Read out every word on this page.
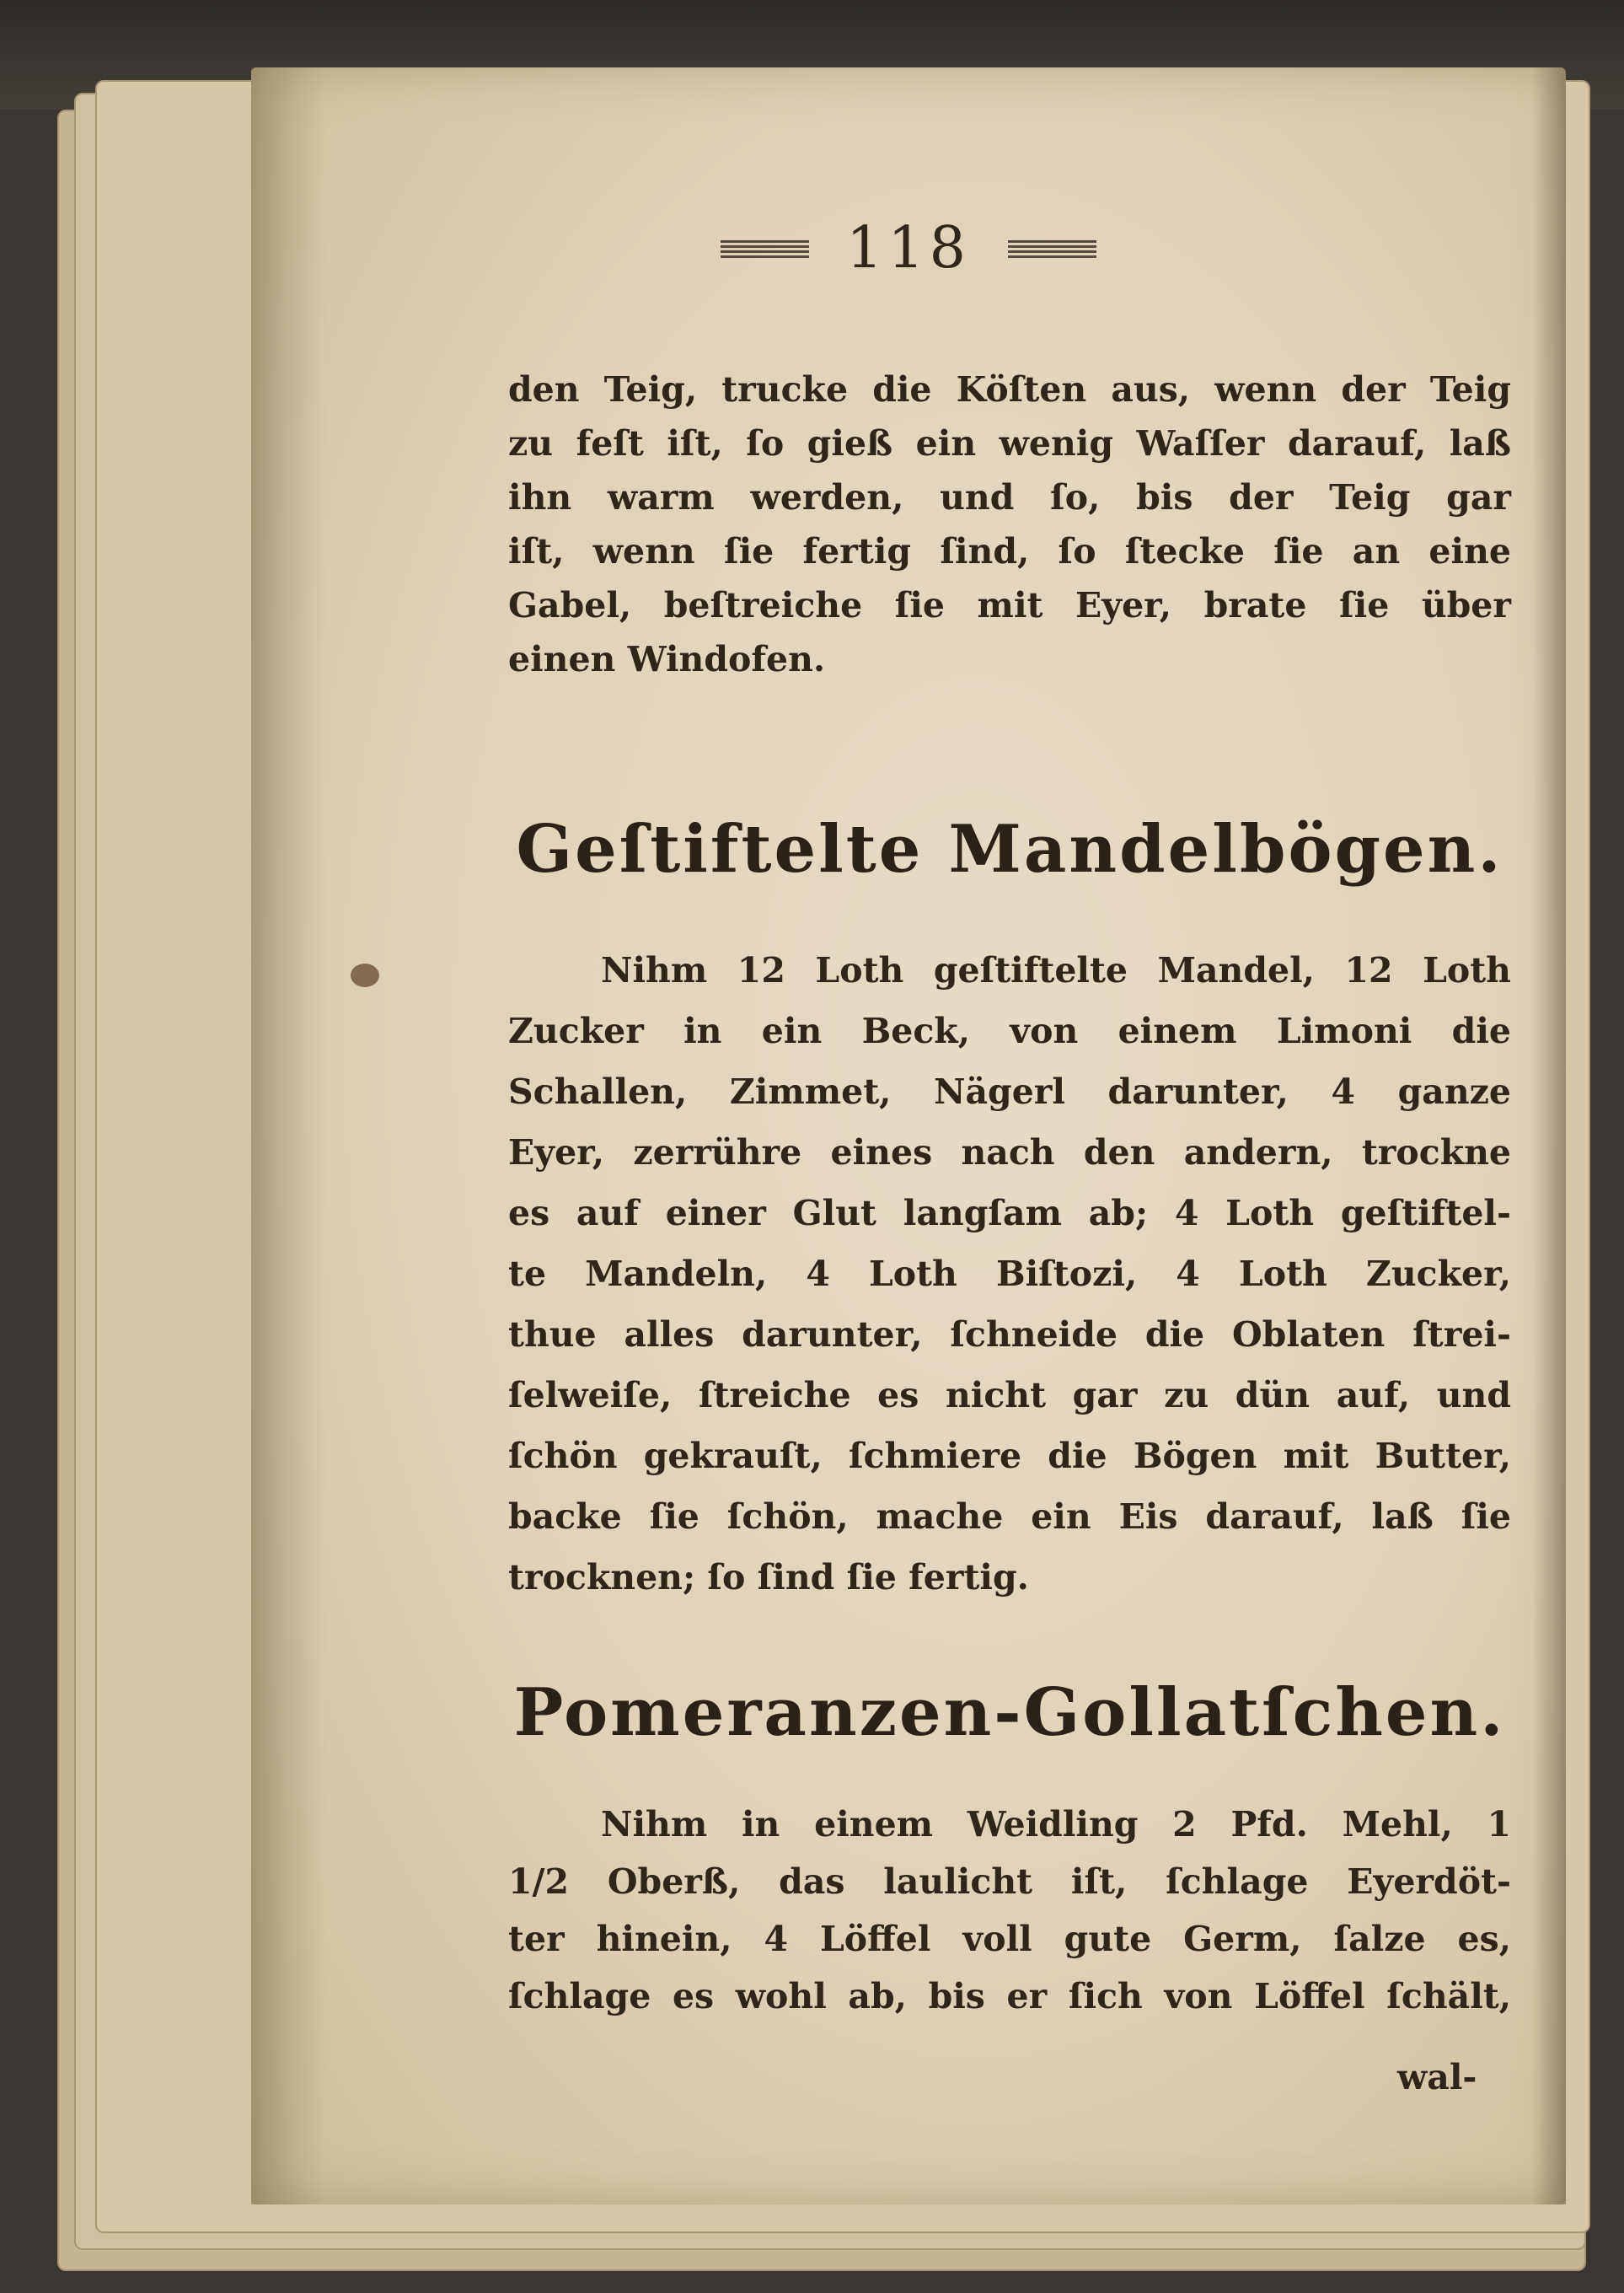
118
den Teig, trucke die Köſten aus, wenn der Teig
zu feſt iſt, ſo gieß ein wenig Waſſer darauf, laß
ihn warm werden, und ſo, bis der Teig gar
iſt, wenn ſie fertig ſind, ſo ſtecke ſie an eine
Gabel, beſtreiche ſie mit Eyer, brate ſie über
einen Windofen.
Geſtiftelte Mandelbögen.
Nihm 12 Loth geſtiftelte Mandel, 12 Loth
Zucker in ein Beck, von einem Limoni die
Schallen, Zimmet, Nägerl darunter, 4 ganze
Eyer, zerrühre eines nach den andern, trockne
es auf einer Glut langſam ab; 4 Loth geſtiftel-
te Mandeln, 4 Loth Biſtozi, 4 Loth Zucker,
thue alles darunter, ſchneide die Oblaten ſtrei-
ſelweiſe, ſtreiche es nicht gar zu dün auf, und
ſchön gekrauſt, ſchmiere die Bögen mit Butter,
backe ſie ſchön, mache ein Eis darauf, laß ſie
trocknen; ſo ſind ſie fertig.
Pomeranzen-Gollatſchen.
Nihm in einem Weidling 2 Pfd. Mehl, 1
1/2 Oberß, das laulicht iſt, ſchlage Eyerdöt-
ter hinein, 4 Löffel voll gute Germ, ſalze es,
ſchlage es wohl ab, bis er ſich von Löffel ſchält,
wal-
